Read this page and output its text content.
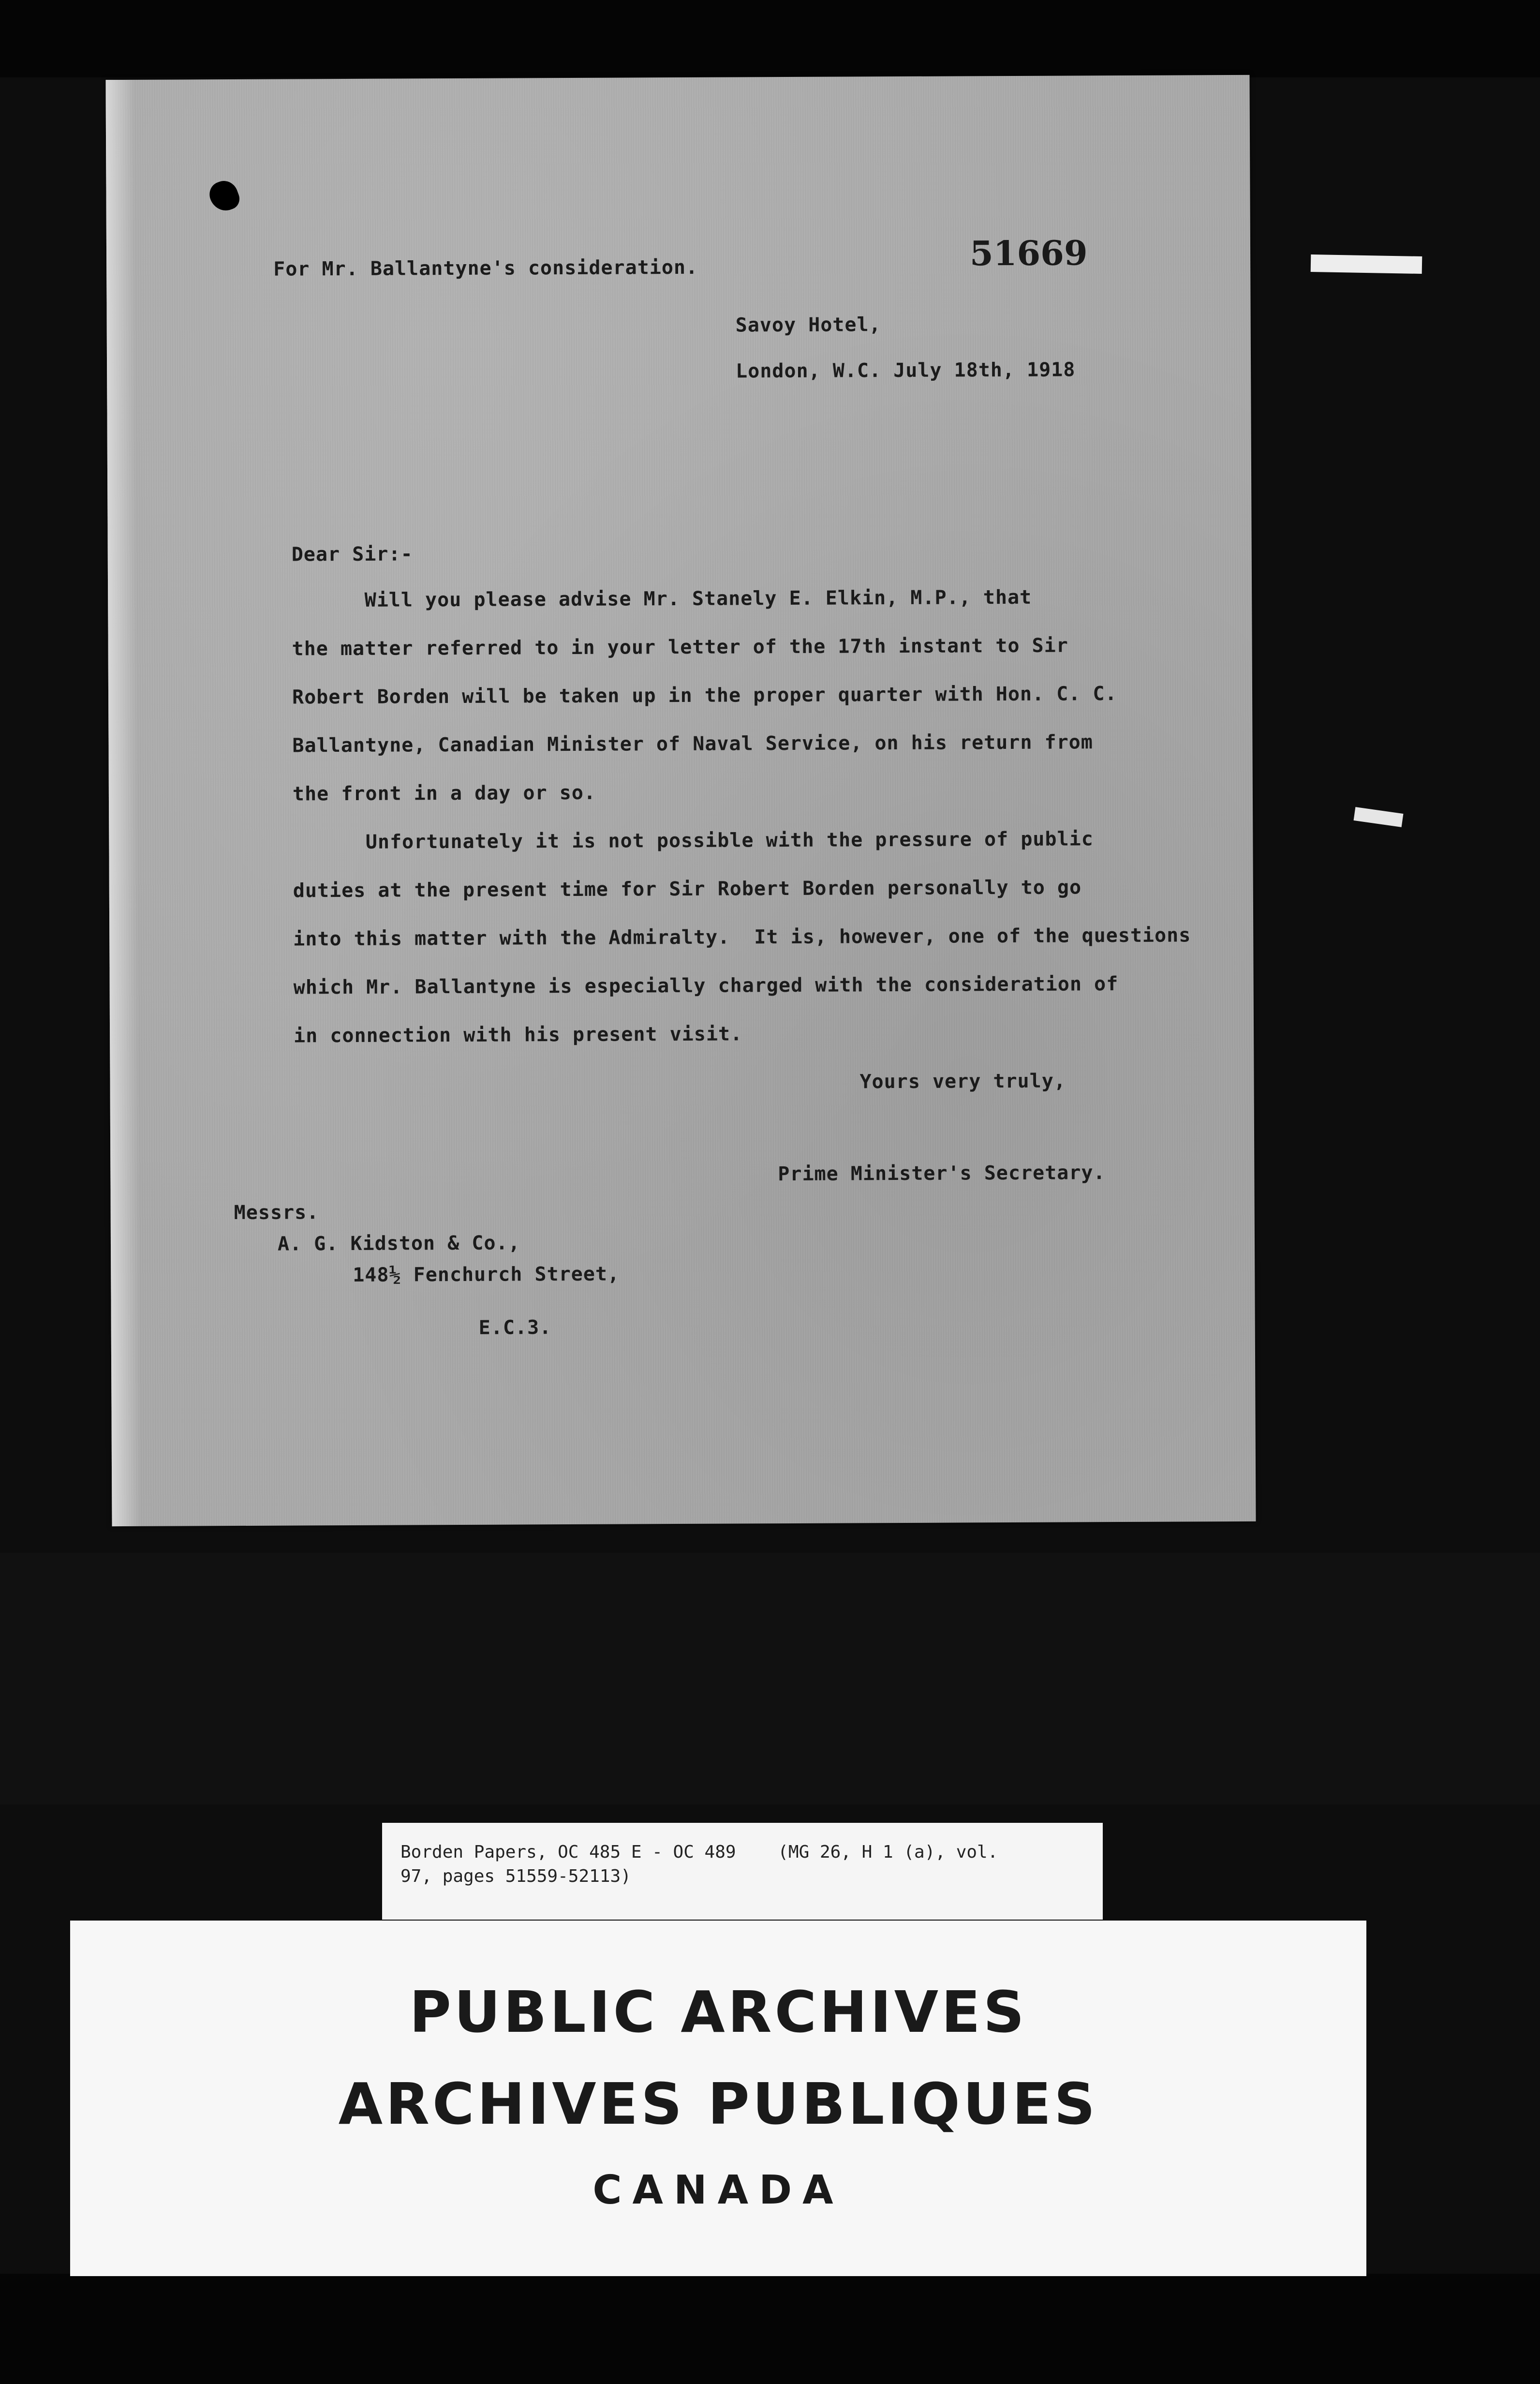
For Mr. Ballantyne's consideration.	51669
Savoy Hotel,
London, W.C. July 18th, 1918
Dear Sir:-
Will you please advise Mr. Stanely E. Elkin, M.P., that
the matter referred to in your letter of the 17th instant to Sir
Robert Borden will be taken up in the proper quarter with Hon. C. C.
Ballantyne, Canadian Minister of Naval Service, on his return from
the front in a day or so.
Unfortunately it is not possible with the pressure of public
duties at the present time for Sir Robert Borden personally to go
into this matter with the Admiralty.  It is, however, one of the questions
which Mr. Ballantyne is especially charged with the consideration of
in connection with his present visit.
Yours very truly,
Prime Minister's Secretary.
Messrs.
A. G. Kidston & Co.,
148½ Fenchurch Street,
E.C.3.
Borden Papers, OC 485 E - OC 489    (MG 26, H 1 (a), vol.
97, pages 51559-52113)
PUBLIC ARCHIVES
ARCHIVES PUBLIQUES
CANADA
